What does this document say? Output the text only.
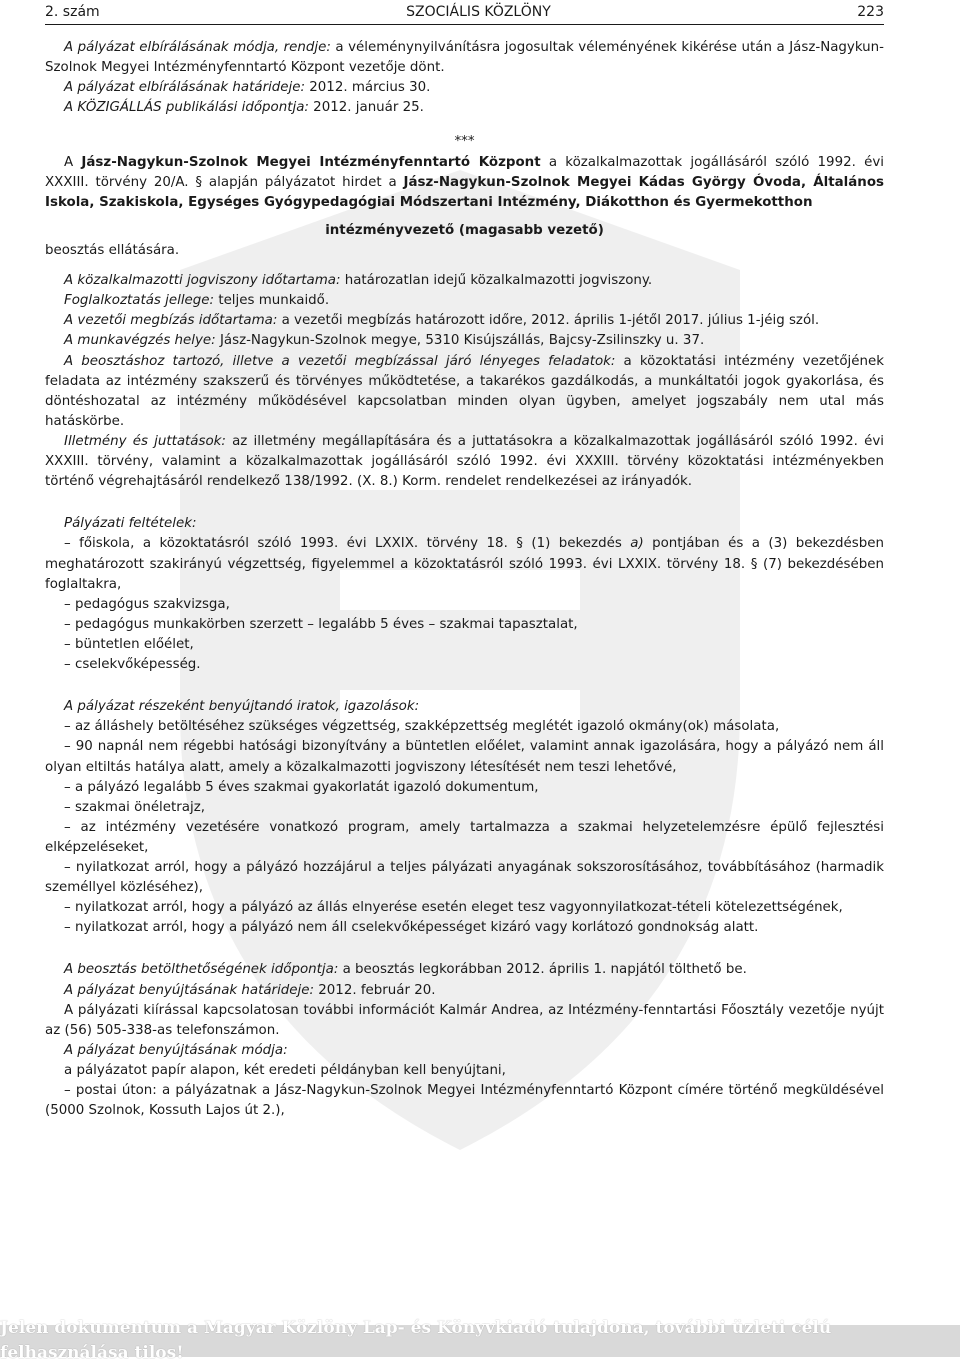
2. szám	SZOCIÁLIS KÖZLÖNY	223

A pályázat elbírálásának módja, rendje: a véleménynyilvánításra jogosultak véleményének kikérése után a Jász-Nagykun-Szolnok Megyei Intézményfenntartó Központ vezetője dönt.

A pályázat elbírálásának határideje: 2012. március 30.

A KÖZIGÁLLÁS publikálási időpontja: 2012. január 25.

***

A Jász-Nagykun-Szolnok Megyei Intézményfenntartó Központ a közalkalmazottak jogállásáról szóló 1992. évi XXXIII. törvény 20/A. § alapján pályázatot hirdet a Jász-Nagykun-Szolnok Megyei Kádas György Óvoda, Általános Iskola, Szakiskola, Egységes Gyógypedagógiai Módszertani Intézmény, Diákotthon és Gyermekotthon

intézményvezető (magasabb vezető)

beosztás ellátására.

A közalkalmazotti jogviszony időtartama: határozatlan idejű közalkalmazotti jogviszony.

Foglalkoztatás jellege: teljes munkaidő.

A vezetői megbízás időtartama: a vezetői megbízás határozott időre, 2012. április 1-jétől 2017. július 1-jéig szól.

A munkavégzés helye: Jász-Nagykun-Szolnok megye, 5310 Kisújszállás, Bajcsy-Zsilinszky u. 37.

A beosztáshoz tartozó, illetve a vezetői megbízással járó lényeges feladatok: a közoktatási intézmény vezetőjének feladata az intézmény szakszerű és törvényes működtetése, a takarékos gazdálkodás, a munkáltatói jogok gyakorlása, és döntéshozatal az intézmény működésével kapcsolatban minden olyan ügyben, amelyet jogszabály nem utal más hatáskörbe.

Illetmény és juttatások: az illetmény megállapítására és a juttatásokra a közalkalmazottak jogállásáról szóló 1992. évi XXXIII. törvény, valamint a közalkalmazottak jogállásáról szóló 1992. évi XXXIII. törvény közoktatási intézményekben történő végrehajtásáról rendelkező 138/1992. (X. 8.) Korm. rendelet rendelkezései az irányadók.

Pályázati feltételek:

– főiskola, a közoktatásról szóló 1993. évi LXXIX. törvény 18. § (1) bekezdés a) pontjában és a (3) bekezdésben meghatározott szakirányú végzettség, figyelemmel a közoktatásról szóló 1993. évi LXXIX. törvény 18. § (7) bekezdésében foglaltakra,

– pedagógus szakvizsga,

– pedagógus munkakörben szerzett – legalább 5 éves – szakmai tapasztalat,

– büntetlen előélet,

– cselekvőképesség.

A pályázat részeként benyújtandó iratok, igazolások:

– az álláshely betöltéséhez szükséges végzettség, szakképzettség meglétét igazoló okmány(ok) másolata,

– 90 napnál nem régebbi hatósági bizonyítvány a büntetlen előélet, valamint annak igazolására, hogy a pályázó nem áll olyan eltiltás hatálya alatt, amely a közalkalmazotti jogviszony létesítését nem teszi lehetővé,

– a pályázó legalább 5 éves szakmai gyakorlatát igazoló dokumentum,

– szakmai önéletrajz,

– az intézmény vezetésére vonatkozó program, amely tartalmazza a szakmai helyzetelemzésre épülő fejlesztési elképzeléseket,

– nyilatkozat arról, hogy a pályázó hozzájárul a teljes pályázati anyagának sokszorosításához, továbbításához (harmadik személlyel közléséhez),

– nyilatkozat arról, hogy a pályázó az állás elnyerése esetén eleget tesz vagyonnyilatkozat-tételi kötelezettségének,

– nyilatkozat arról, hogy a pályázó nem áll cselekvőképességet kizáró vagy korlátozó gondnokság alatt.

A beosztás betölthetőségének időpontja: a beosztás legkorábban 2012. április 1. napjától tölthető be.

A pályázat benyújtásának határideje: 2012. február 20.

A pályázati kiírással kapcsolatosan további információt Kalmár Andrea, az Intézmény-fenntartási Főosztály vezetője nyújt az (56) 505-338-as telefonszámon.

A pályázat benyújtásának módja:

a pályázatot papír alapon, két eredeti példányban kell benyújtani,

– postai úton: a pályázatnak a Jász-Nagykun-Szolnok Megyei Intézményfenntartó Központ címére történő megküldésével (5000 Szolnok, Kossuth Lajos út 2.),

Jelen dokumentum a Magyar Közlöny Lap- és Könyvkiadó tulajdona, további üzleti célú felhasználása tilos!
